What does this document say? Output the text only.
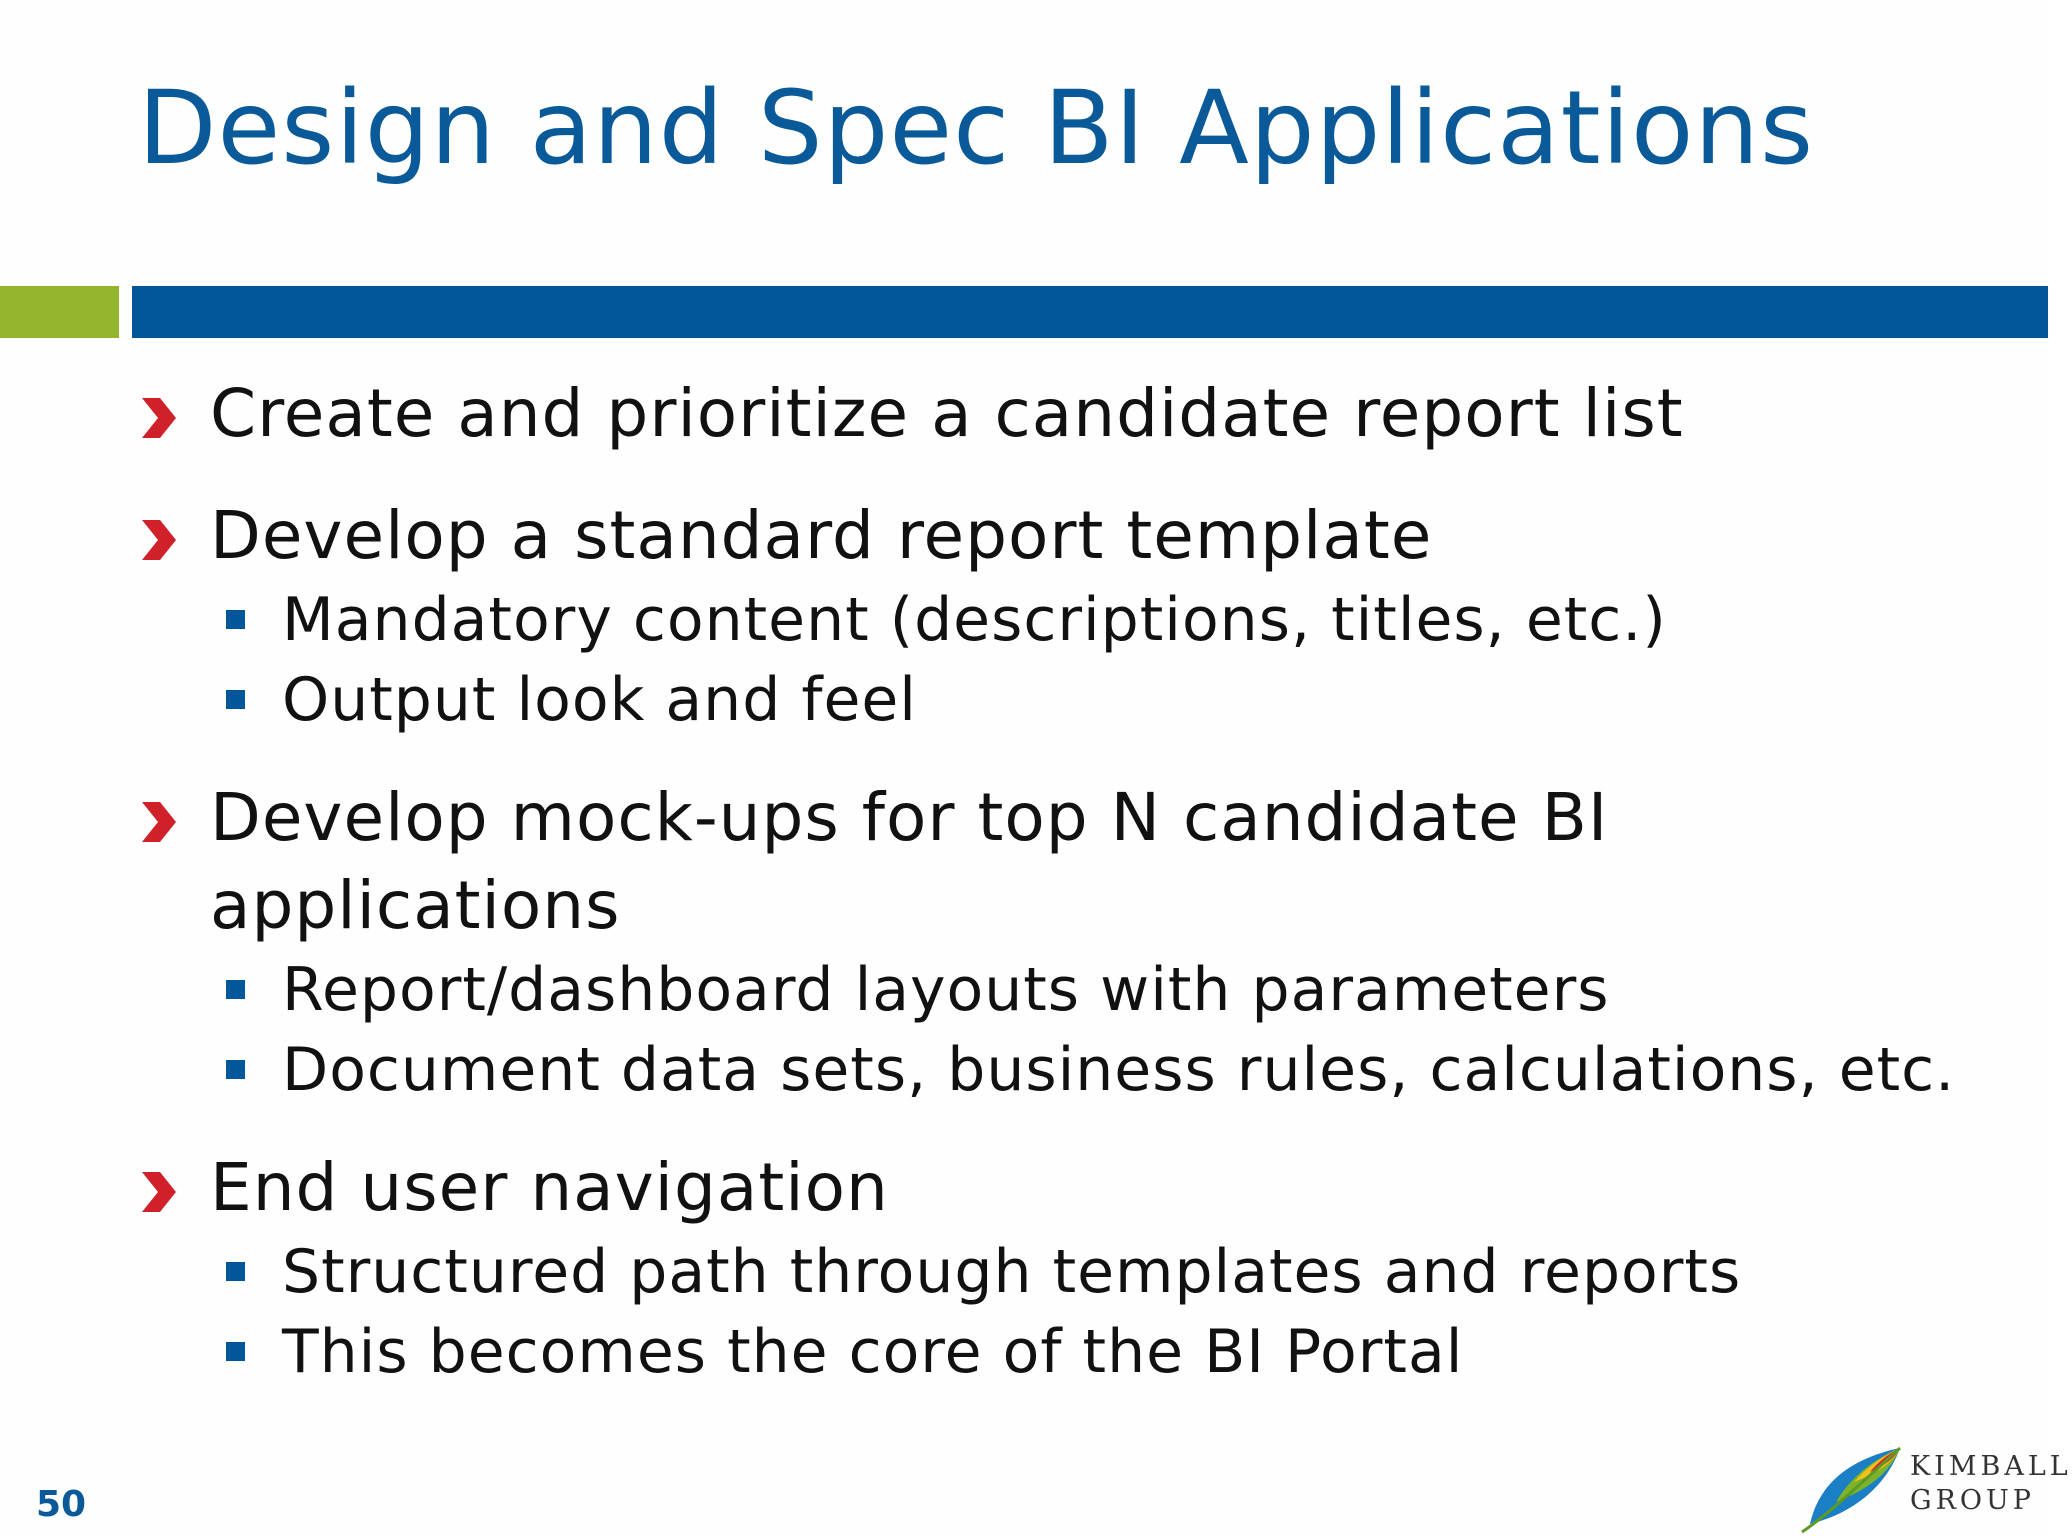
Design and Spec BI Applications
Create and prioritize a candidate report list
Develop a standard report template
Mandatory content (descriptions, titles, etc.)
Output look and feel
Develop mock-ups for top N candidate BI applications
Report/dashboard layouts with parameters
Document data sets, business rules, calculations, etc.
End user navigation
Structured path through templates and reports
This becomes the core of the BI Portal
50
KIMBALL
GROUP
